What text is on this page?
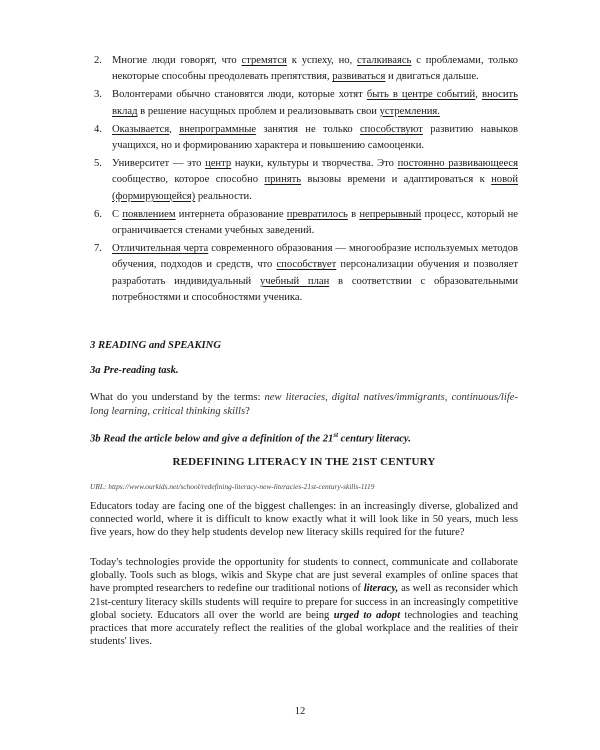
2. Многие люди говорят, что стремятся к успеху, но, сталкиваясь с проблемами, только некоторые способны преодолевать препятствия, развиваться и двигаться дальше.
3. Волонтерами обычно становятся люди, которые хотят быть в центре событий, вносить вклад в решение насущных проблем и реализовывать свои устремления.
4. Оказывается, внепрограммные занятия не только способствуют развитию навыков учащихся, но и формированию характера и повышению самооценки.
5. Университет — это центр науки, культуры и творчества. Это постоянно развивающееся сообщество, которое способно принять вызовы времени и адаптироваться к новой (формирующейся) реальности.
6. С появлением интернета образование превратилось в непрерывный процесс, который не ограничивается стенами учебных заведений.
7. Отличительная черта современного образования — многообразие используемых методов обучения, подходов и средств, что способствует персонализации обучения и позволяет разработать индивидуальный учебный план в соответствии с образовательными потребностями и способностями ученика.
3 READING and SPEAKING
3a Pre-reading task.
What do you understand by the terms: new literacies, digital natives/immigrants, continuous/life-long learning, critical thinking skills?
3b Read the article below and give a definition of the 21st century literacy.
REDEFINING LITERACY IN THE 21ST CENTURY
URL: https://www.ourkids.net/school/redefining-literacy-new-literacies-21st-century-skills-1119
Educators today are facing one of the biggest challenges: in an increasingly diverse, globalized and connected world, where it is difficult to know exactly what it will look like in 50 years, much less five years, how do they help students develop new literacy skills required for the future?
Today's technologies provide the opportunity for students to connect, communicate and collaborate globally. Tools such as blogs, wikis and Skype chat are just several examples of online spaces that have prompted researchers to redefine our traditional notions of literacy, as well as reconsider which 21st-century literacy skills students will require to prepare for success in an increasingly competitive global society. Educators all over the world are being urged to adopt technologies and teaching practices that more accurately reflect the realities of the global workplace and the realities of their students' lives.
12
